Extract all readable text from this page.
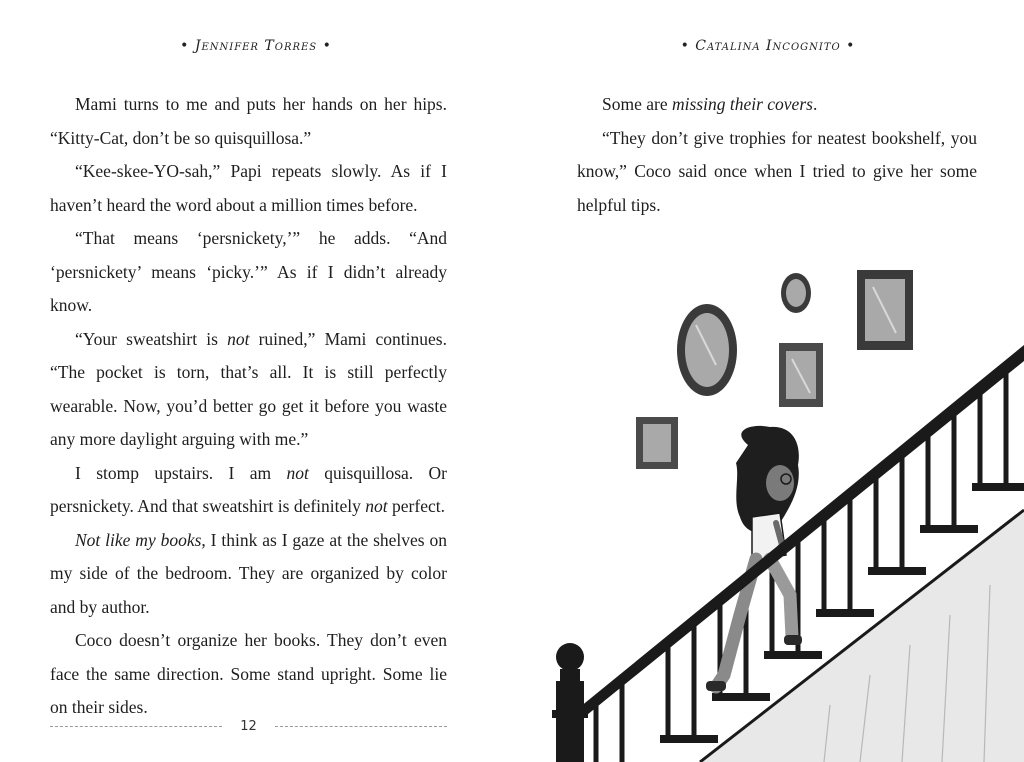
• Jennifer Torres •

Mami turns to me and puts her hands on her hips. “Kitty-Cat, don’t be so quisquillosa.”

“Kee-skee-YO-sah,” Papi repeats slowly. As if I haven’t heard the word about a million times before.

“That means ‘persnickety,’” he adds. “And ‘persnickety’ means ‘picky.’” As if I didn’t already know.

“Your sweatshirt is not ruined,” Mami continues. “The pocket is torn, that’s all. It is still perfectly wearable. Now, you’d better go get it before you waste any more daylight arguing with me.”

I stomp upstairs. I am not quisquillosa. Or persnickety. And that sweatshirt is definitely not perfect.

Not like my books, I think as I gaze at the shelves on my side of the bedroom. They are organized by color and by author.

Coco doesn’t organize her books. They don’t even face the same direction. Some stand upright. Some lie on their sides.

12
• Catalina Incognito •

Some are missing their covers.

“They don’t give trophies for neatest bookshelf, you know,” Coco said once when I tried to give her some helpful tips.
